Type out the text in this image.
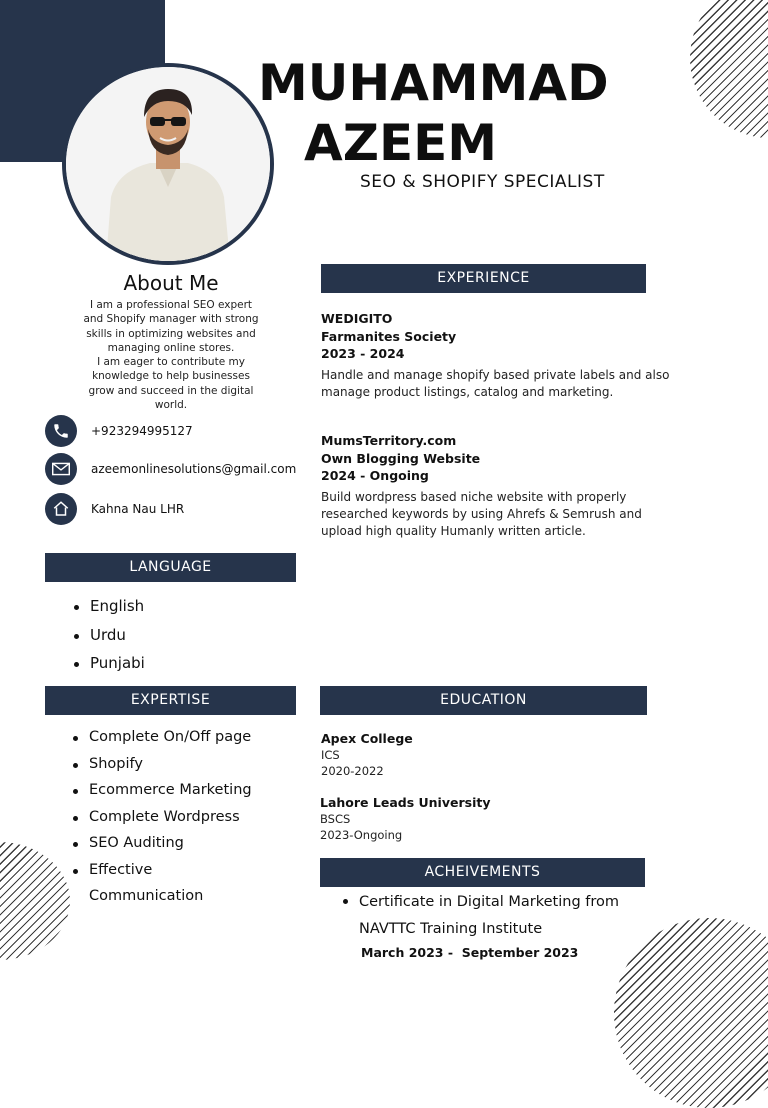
MUHAMMAD
AZEEM
SEO & SHOPIFY SPECIALIST
About Me
I am a professional SEO expert
and Shopify manager with strong
skills in optimizing websites and
managing online stores.
I am eager to contribute my
knowledge to help businesses
grow and succeed in the digital
world.
+923294995127
azeemonlinesolutions@gmail.com
Kahna Nau LHR
LANGUAGE
English
Urdu
Punjabi
EXPERTISE
Complete On/Off page
Shopify
Ecommerce Marketing
Complete Wordpress
SEO Auditing
Effective
Communication
EXPERIENCE
WEDIGITO
Farmanites Society
2023 - 2024
Handle and manage shopify based private labels and also
manage product listings, catalog and marketing.
MumsTerritory.com
Own Blogging Website
2024 - Ongoing
Build wordpress based niche website with properly
researched keywords by using Ahrefs & Semrush and
upload high quality Humanly written article.
EDUCATION
Apex College
ICS
2020-2022
Lahore Leads University
BSCS
2023-Ongoing
ACHEIVEMENTS
Certificate in Digital Marketing from
NAVTTC Training Institute
March 2023 -  September 2023
